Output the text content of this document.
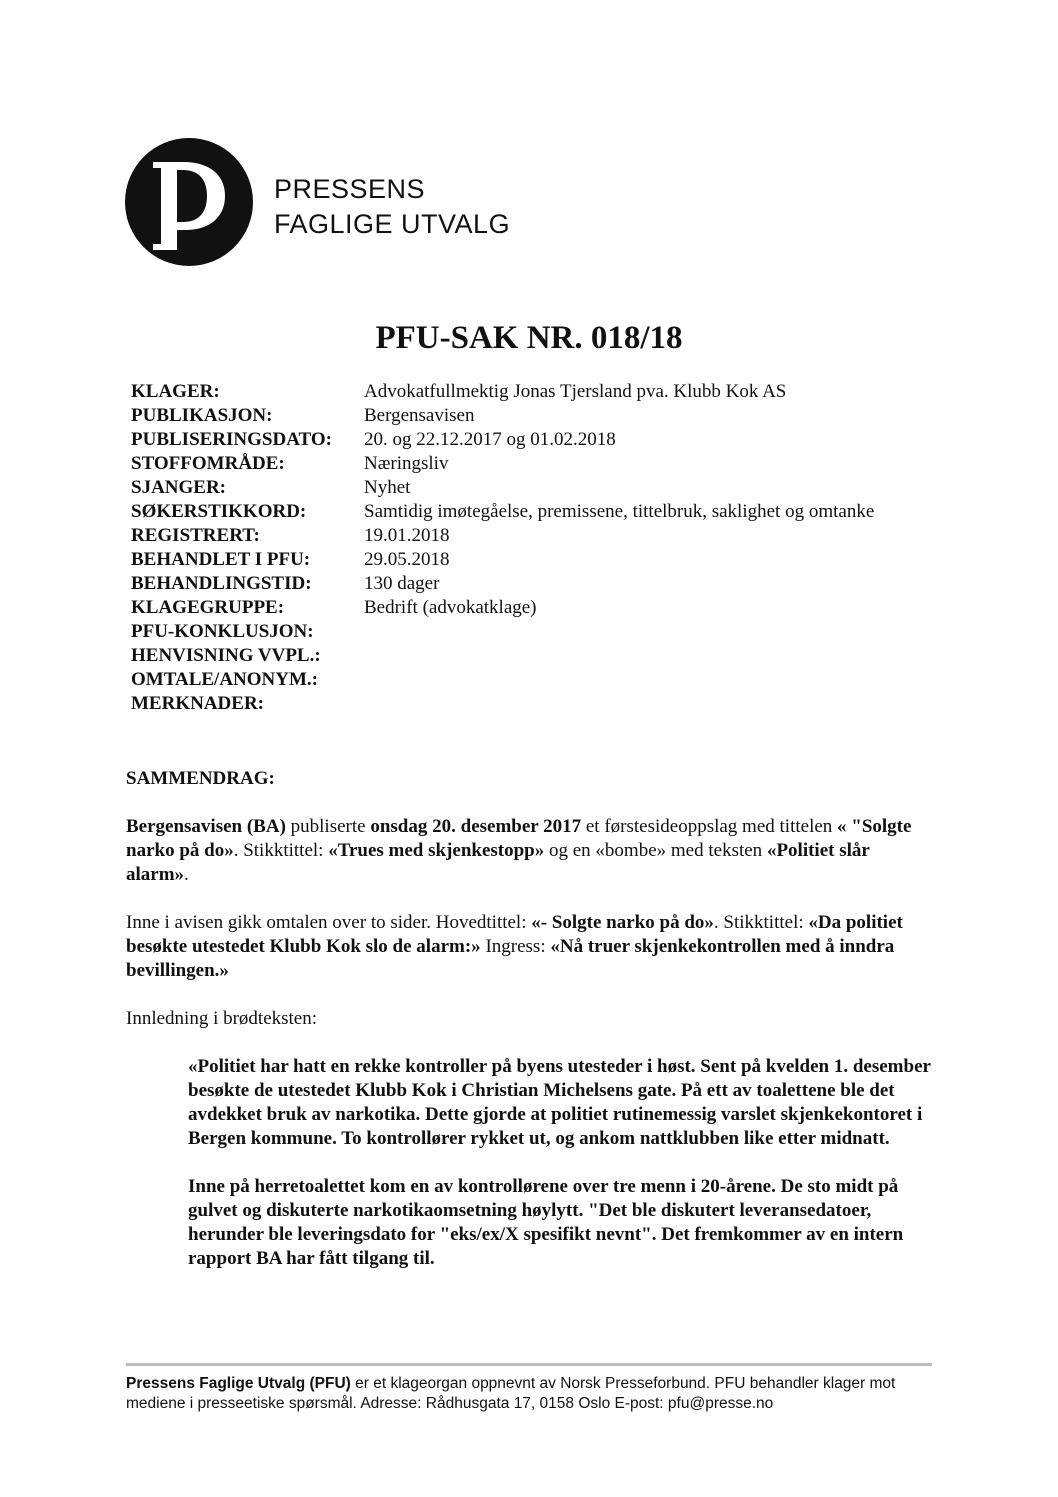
PRESSENS
FAGLIGE UTVALG
PFU-SAK NR. 018/18
KLAGER:	Advokatfullmektig Jonas Tjersland pva. Klubb Kok AS
PUBLIKASJON:	Bergensavisen
PUBLISERINGSDATO:	20. og 22.12.2017 og 01.02.2018
STOFFOMRÅDE:	Næringsliv
SJANGER:	Nyhet
SØKERSTIKKORD:	Samtidig imøtegåelse, premissene, tittelbruk, saklighet og omtanke
REGISTRERT:	19.01.2018
BEHANDLET I PFU:	29.05.2018
BEHANDLINGSTID:	130 dager
KLAGEGRUPPE:	Bedrift (advokatklage)
PFU-KONKLUSJON:
HENVISNING VVPL.:
OMTALE/ANONYM.:
MERKNADER:

SAMMENDRAG:

Bergensavisen (BA) publiserte onsdag 20. desember 2017 et førstesideoppslag med tittelen « "Solgte narko på do». Stikktittel: «Trues med skjenkestopp» og en «bombe» med teksten «Politiet slår alarm».

Inne i avisen gikk omtalen over to sider. Hovedtittel: «- Solgte narko på do». Stikktittel: «Da politiet besøkte utestedet Klubb Kok slo de alarm:» Ingress: «Nå truer skjenkekontrollen med å inndra bevillingen.»

Innledning i brødteksten:

«Politiet har hatt en rekke kontroller på byens utesteder i høst. Sent på kvelden 1. desember besøkte de utestedet Klubb Kok i Christian Michelsens gate. På ett av toalettene ble det avdekket bruk av narkotika. Dette gjorde at politiet rutinemessig varslet skjenkekontoret i Bergen kommune. To kontrollører rykket ut, og ankom nattklubben like etter midnatt.

Inne på herretoalettet kom en av kontrollørene over tre menn i 20-årene. De sto midt på gulvet og diskuterte narkotikaomsetning høylytt. "Det ble diskutert leveransedatoer, herunder ble leveringsdato for "eks/ex/X spesifikt nevnt". Det fremkommer av en intern rapport BA har fått tilgang til.

Pressens Faglige Utvalg (PFU) er et klageorgan oppnevnt av Norsk Presseforbund. PFU behandler klager mot mediene i presseetiske spørsmål. Adresse: Rådhusgata 17, 0158 Oslo E-post: pfu@presse.no
